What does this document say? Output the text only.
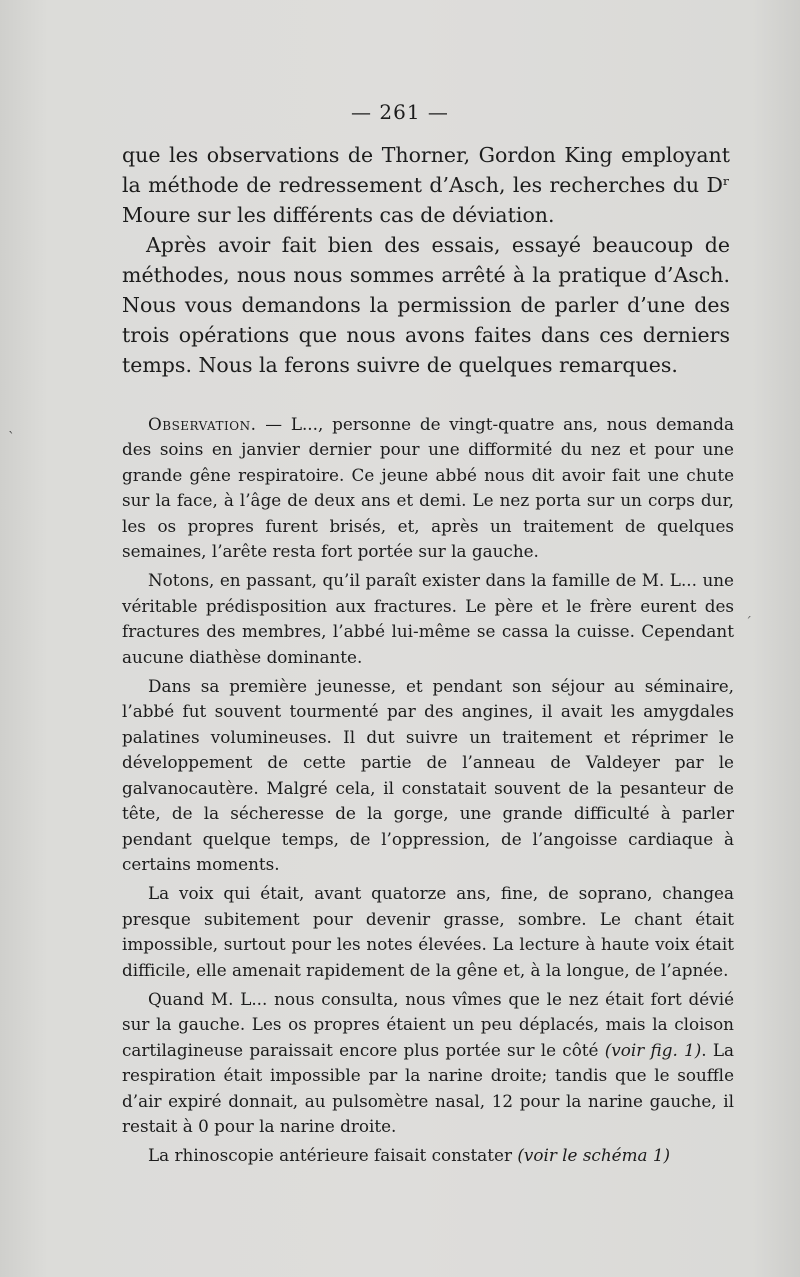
— 261 —

que les observations de Thorner, Gordon King employant la méthode de redressement d’Asch, les recherches du Dʳ Moure sur les différents cas de déviation.

Après avoir fait bien des essais, essayé beaucoup de méthodes, nous nous sommes arrêté à la pratique d’Asch. Nous vous demandons la permission de parler d’une des trois opérations que nous avons faites dans ces derniers temps. Nous la ferons suivre de quelques remarques.

Observation. — L..., personne de vingt-quatre ans, nous demanda des soins en janvier dernier pour une difformité du nez et pour une grande gêne respiratoire. Ce jeune abbé nous dit avoir fait une chute sur la face, à l’âge de deux ans et demi. Le nez porta sur un corps dur, les os propres furent brisés, et, après un traitement de quelques semaines, l’arête resta fort portée sur la gauche.

Notons, en passant, qu’il paraît exister dans la famille de M. L... une véritable prédisposition aux fractures. Le père et le frère eurent des fractures des membres, l’abbé lui-même se cassa la cuisse. Cependant aucune diathèse dominante.

Dans sa première jeunesse, et pendant son séjour au séminaire, l’abbé fut souvent tourmenté par des angines, il avait les amygdales palatines volumineuses. Il dut suivre un traitement et réprimer le développement de cette partie de l’anneau de Valdeyer par le galvanocautère. Malgré cela, il constatait souvent de la pesanteur de tête, de la sécheresse de la gorge, une grande difficulté à parler pendant quelque temps, de l’oppression, de l’angoisse cardiaque à certains moments.

La voix qui était, avant quatorze ans, fine, de soprano, changea presque subitement pour devenir grasse, sombre. Le chant était impossible, surtout pour les notes élevées. La lecture à haute voix était difficile, elle amenait rapidement de la gêne et, à la longue, de l’apnée.

Quand M. L... nous consulta, nous vîmes que le nez était fort dévié sur la gauche. Les os propres étaient un peu déplacés, mais la cloison cartilagineuse paraissait encore plus portée sur le côté (voir fig. 1). La respiration était impossible par la narine droite; tandis que le souffle d’air expiré donnait, au pulsomètre nasal, 12 pour la narine gauche, il restait à 0 pour la narine droite.

La rhinoscopie antérieure faisait constater (voir le schéma 1)

ˋ
ˊ
